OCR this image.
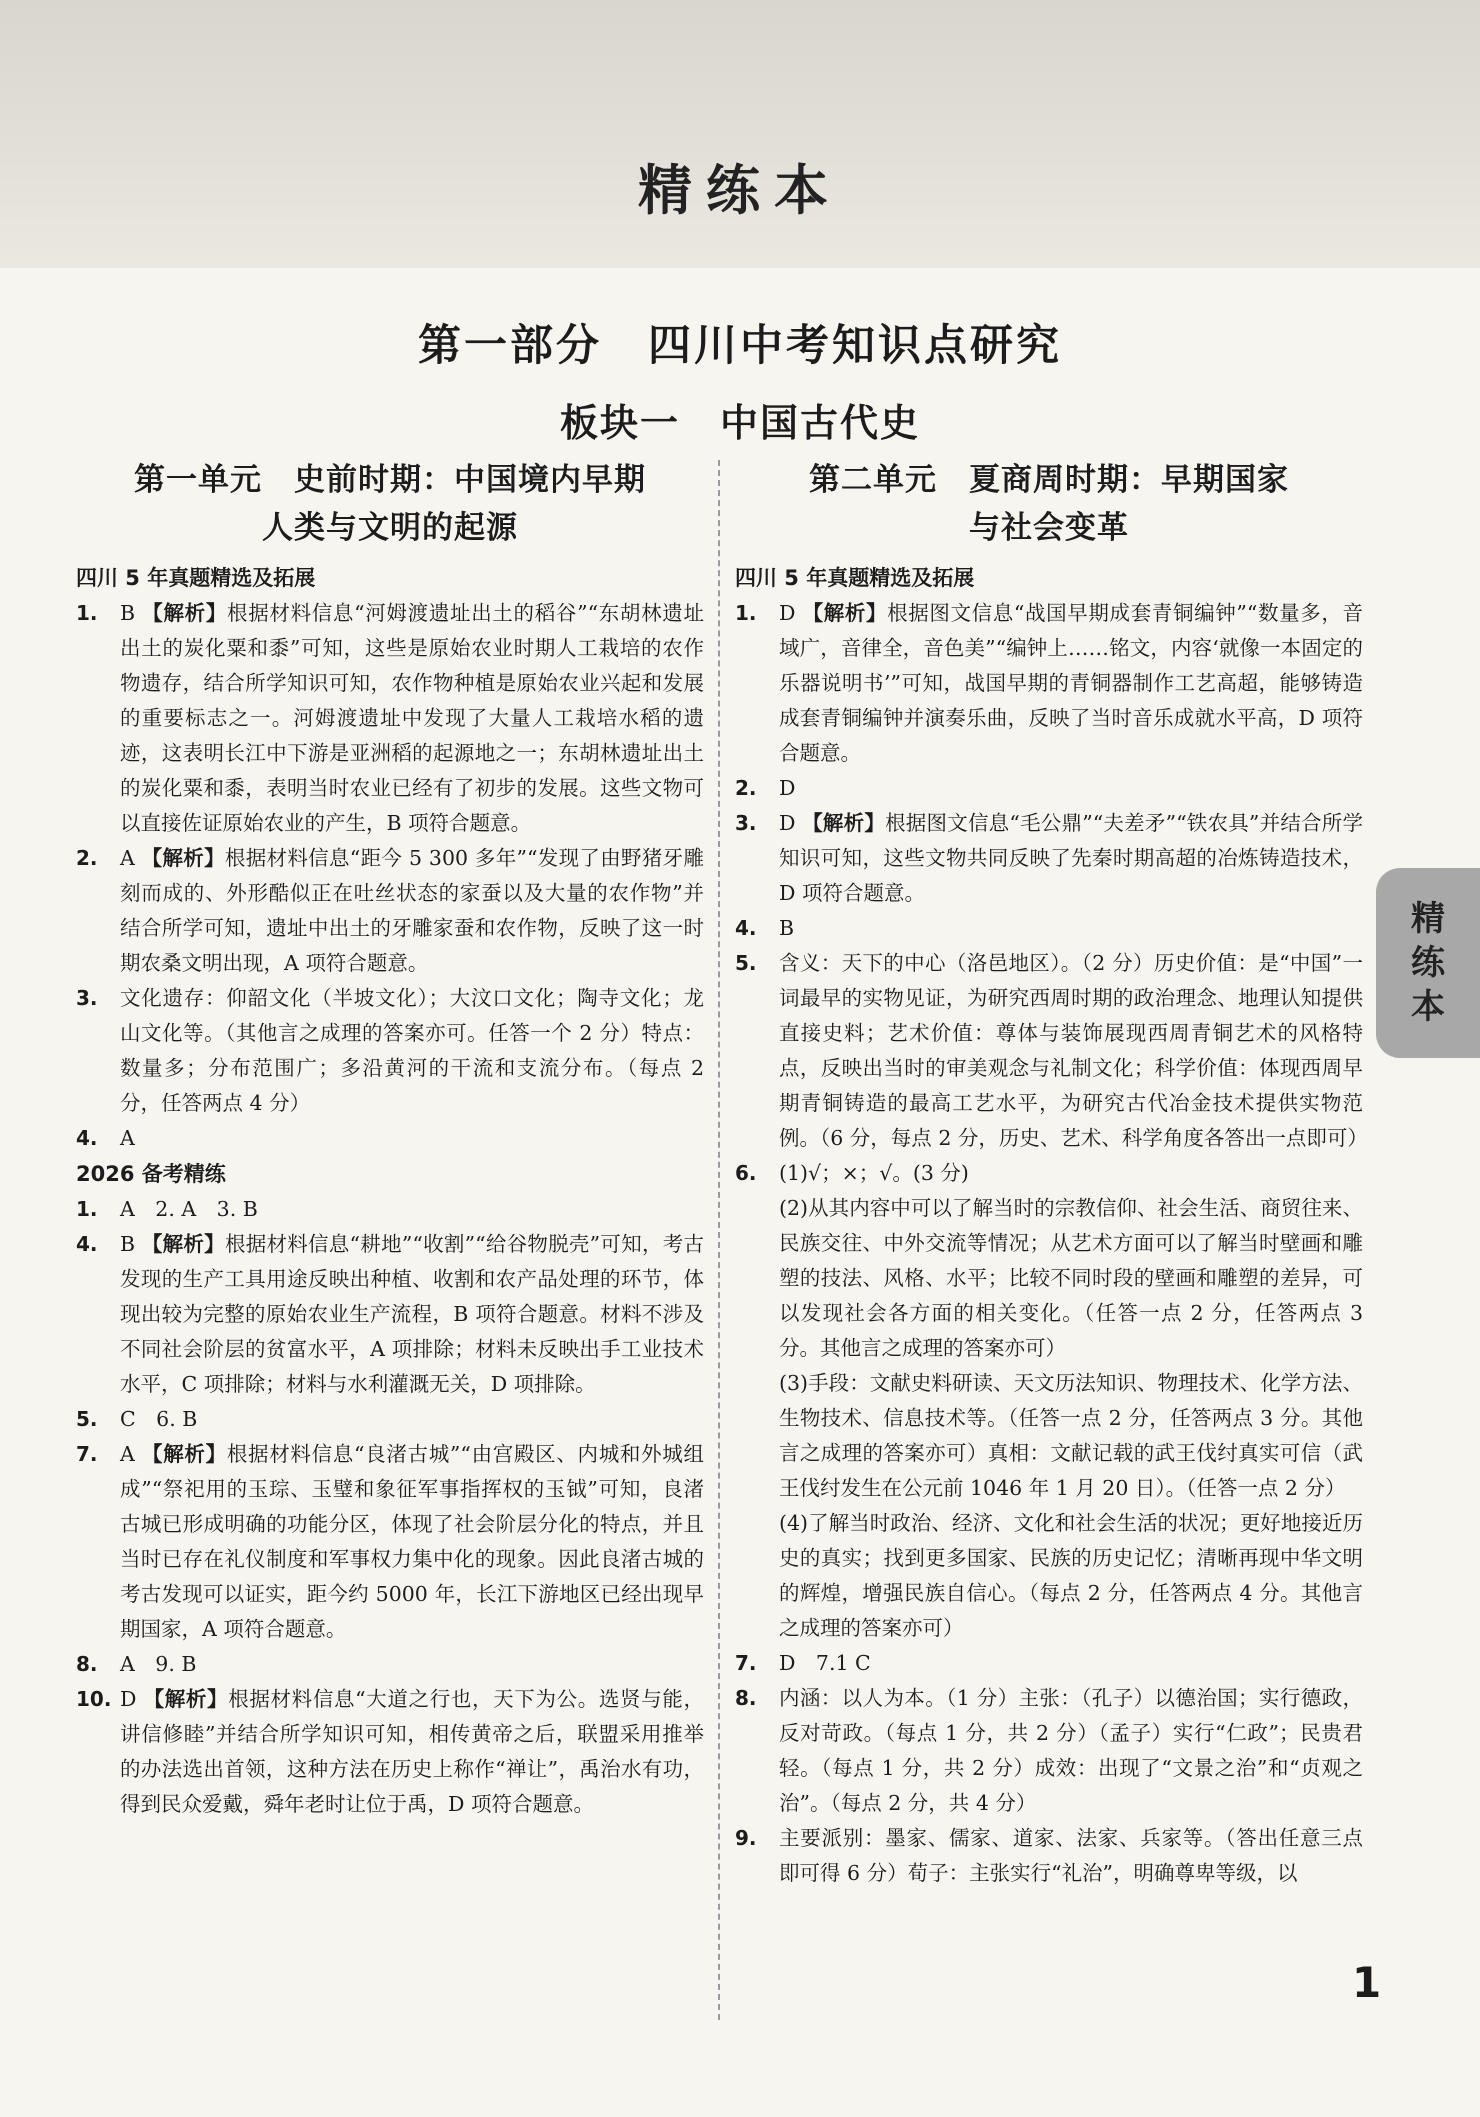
精练本
第一部分　四川中考知识点研究
板块一　中国古代史
第一单元　史前时期：中国境内早期
人类与文明的起源
四川 5 年真题精选及拓展
1.	B 【解析】根据材料信息“河姆渡遗址出土的稻谷”“东胡林遗址出土的炭化粟和黍”可知，这些是原始农业时期人工栽培的农作物遗存，结合所学知识可知，农作物种植是原始农业兴起和发展的重要标志之一。河姆渡遗址中发现了大量人工栽培水稻的遗迹，这表明长江中下游是亚洲稻的起源地之一；东胡林遗址出土的炭化粟和黍，表明当时农业已经有了初步的发展。这些文物可以直接佐证原始农业的产生，B 项符合题意。
2.	A 【解析】根据材料信息“距今 5 300 多年”“发现了由野猪牙雕刻而成的、外形酷似正在吐丝状态的家蚕以及大量的农作物”并结合所学可知，遗址中出土的牙雕家蚕和农作物，反映了这一时期农桑文明出现，A 项符合题意。
3.	文化遗存：仰韶文化（半坡文化）；大汶口文化；陶寺文化；龙山文化等。（其他言之成理的答案亦可。任答一个 2 分）特点：数量多；分布范围广；多沿黄河的干流和支流分布。（每点 2 分，任答两点 4 分）
4.	A
2026 备考精练
1.	A　2. A　3. B
4.	B 【解析】根据材料信息“耕地”“收割”“给谷物脱壳”可知，考古发现的生产工具用途反映出种植、收割和农产品处理的环节，体现出较为完整的原始农业生产流程，B 项符合题意。材料不涉及不同社会阶层的贫富水平，A 项排除；材料未反映出手工业技术水平，C 项排除；材料与水利灌溉无关，D 项排除。
5.	C　6. B
7.	A 【解析】根据材料信息“良渚古城”“由宫殿区、内城和外城组成”“祭祀用的玉琮、玉璧和象征军事指挥权的玉钺”可知，良渚古城已形成明确的功能分区，体现了社会阶层分化的特点，并且当时已存在礼仪制度和军事权力集中化的现象。因此良渚古城的考古发现可以证实，距今约 5000 年，长江下游地区已经出现早期国家，A 项符合题意。
8.	A　9. B
10. D 【解析】根据材料信息“大道之行也，天下为公。选贤与能，讲信修睦”并结合所学知识可知，相传黄帝之后，联盟采用推举的办法选出首领，这种方法在历史上称作“禅让”，禹治水有功，得到民众爱戴，舜年老时让位于禹，D 项符合题意。
第二单元　夏商周时期：早期国家
与社会变革
四川 5 年真题精选及拓展
1.	D 【解析】根据图文信息“战国早期成套青铜编钟”“数量多，音域广，音律全，音色美”“编钟上……铭文，内容‘就像一本固定的乐器说明书’”可知，战国早期的青铜器制作工艺高超，能够铸造成套青铜编钟并演奏乐曲，反映了当时音乐成就水平高，D 项符合题意。
2.	D
3.	D 【解析】根据图文信息“毛公鼎”“夫差矛”“铁农具”并结合所学知识可知，这些文物共同反映了先秦时期高超的冶炼铸造技术，D 项符合题意。
4.	B
5.	含义：天下的中心（洛邑地区）。（2 分）历史价值：是“中国”一词最早的实物见证，为研究西周时期的政治理念、地理认知提供直接史料；艺术价值：尊体与装饰展现西周青铜艺术的风格特点，反映出当时的审美观念与礼制文化；科学价值：体现西周早期青铜铸造的最高工艺水平，为研究古代冶金技术提供实物范例。（6 分，每点 2 分，历史、艺术、科学角度各答出一点即可）
6.	(1)√；×；√。(3 分)
(2)从其内容中可以了解当时的宗教信仰、社会生活、商贸往来、民族交往、中外交流等情况；从艺术方面可以了解当时壁画和雕塑的技法、风格、水平；比较不同时段的壁画和雕塑的差异，可以发现社会各方面的相关变化。（任答一点 2 分，任答两点 3 分。其他言之成理的答案亦可）
(3)手段：文献史料研读、天文历法知识、物理技术、化学方法、生物技术、信息技术等。（任答一点 2 分，任答两点 3 分。其他言之成理的答案亦可）真相：文献记载的武王伐纣真实可信（武王伐纣发生在公元前 1046 年 1 月 20 日）。（任答一点 2 分）
(4)了解当时政治、经济、文化和社会生活的状况；更好地接近历史的真实；找到更多国家、民族的历史记忆；清晰再现中华文明的辉煌，增强民族自信心。（每点 2 分，任答两点 4 分。其他言之成理的答案亦可）
7.	D　7.1 C
8.	内涵：以人为本。（1 分）主张：（孔子）以德治国；实行德政，反对苛政。（每点 1 分，共 2 分）（孟子）实行“仁政”；民贵君轻。（每点 1 分，共 2 分）成效：出现了“文景之治”和“贞观之治”。（每点 2 分，共 4 分）
9.	主要派别：墨家、儒家、道家、法家、兵家等。（答出任意三点即可得 6 分）荀子：主张实行“礼治”，明确尊卑等级，以
精
练
本
1
